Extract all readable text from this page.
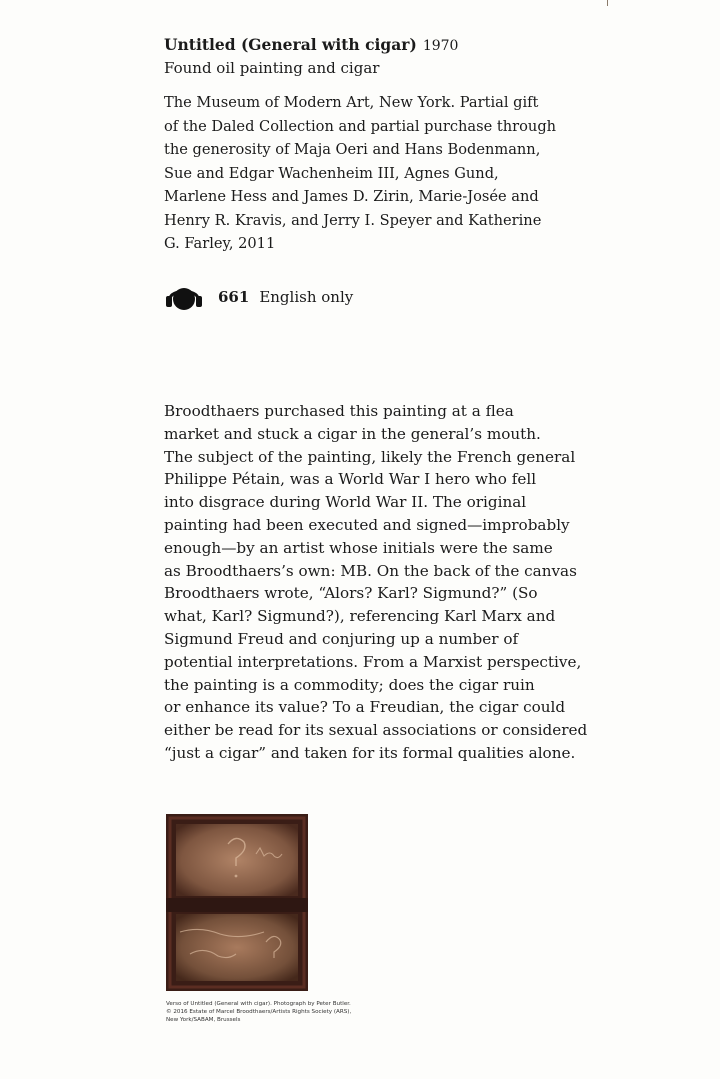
Untitled (General with cigar) 1970
Found oil painting and cigar
The Museum of Modern Art, New York. Partial gift
of the Daled Collection and partial purchase through
the generosity of Maja Oeri and Hans Bodenmann,
Sue and Edgar Wachenheim III, Agnes Gund,
Marlene Hess and James D. Zirin, Marie-Josée and
Henry R. Kravis, and Jerry I. Speyer and Katherine
G. Farley, 2011
661 English only

Broodthaers purchased this painting at a flea

market and stuck a cigar in the general’s mouth.

The subject of the painting, likely the French general

Philippe Pétain, was a World War I hero who fell

into disgrace during World War II. The original

painting had been executed and signed—improbably

enough—by an artist whose initials were the same

as Broodthaers’s own: MB. On the back of the canvas

Broodthaers wrote, “Alors? Karl? Sigmund?” (So

what, Karl? Sigmund?), referencing Karl Marx and

Sigmund Freud and conjuring up a number of

potential interpretations. From a Marxist perspective,

the painting is a commodity; does the cigar ruin

or enhance its value? To a Freudian, the cigar could

either be read for its sexual associations or considered

“just a cigar” and taken for its formal qualities alone.

Verso of Untitled (General with cigar). Photograph by Peter Butler.
© 2016 Estate of Marcel Broodthaers/Artists Rights Society (ARS),
New York/SABAM, Brussels
